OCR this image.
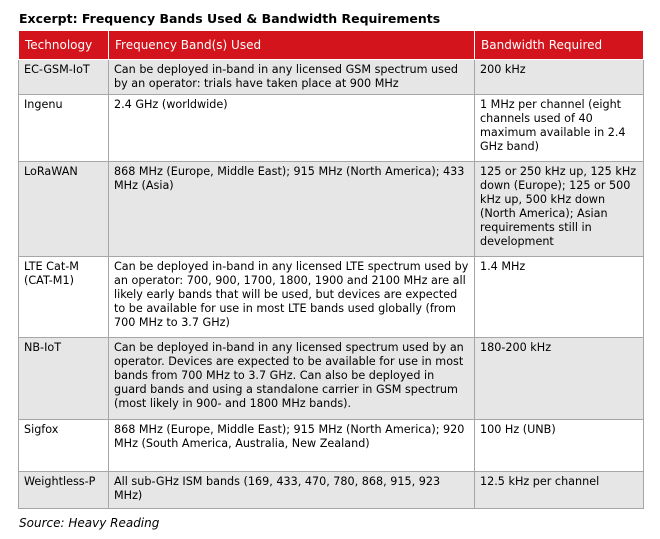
Excerpt: Frequency Bands Used & Bandwidth Requirements
Technology	Frequency Band(s) Used	Bandwidth Required
EC-GSM-IoT	Can be deployed in-band in any licensed GSM spectrum used by an operator: trials have taken place at 900 MHz	200 kHz
Ingenu	2.4 GHz (worldwide)	1 MHz per channel (eight channels used of 40 maximum available in 2.4 GHz band)
LoRaWAN	868 MHz (Europe, Middle East); 915 MHz (North America); 433 MHz (Asia)	125 or 250 kHz up, 125 kHz down (Europe); 125 or 500 kHz up, 500 kHz down (North America); Asian requirements still in development
LTE Cat-M (CAT-M1)	Can be deployed in-band in any licensed LTE spectrum used by an operator: 700, 900, 1700, 1800, 1900 and 2100 MHz are all likely early bands that will be used, but devices are expected to be available for use in most LTE bands used globally (from 700 MHz to 3.7 GHz)	1.4 MHz
NB-IoT	Can be deployed in-band in any licensed spectrum used by an operator. Devices are expected to be available for use in most bands from 700 MHz to 3.7 GHz. Can also be deployed in guard bands and using a standalone carrier in GSM spectrum (most likely in 900- and 1800 MHz bands).	180-200 kHz
Sigfox	868 MHz (Europe, Middle East); 915 MHz (North America); 920 MHz (South America, Australia, New Zealand)	100 Hz (UNB)
Weightless-P	All sub-GHz ISM bands (169, 433, 470, 780, 868, 915, 923 MHz)	12.5 kHz per channel
Source: Heavy Reading
